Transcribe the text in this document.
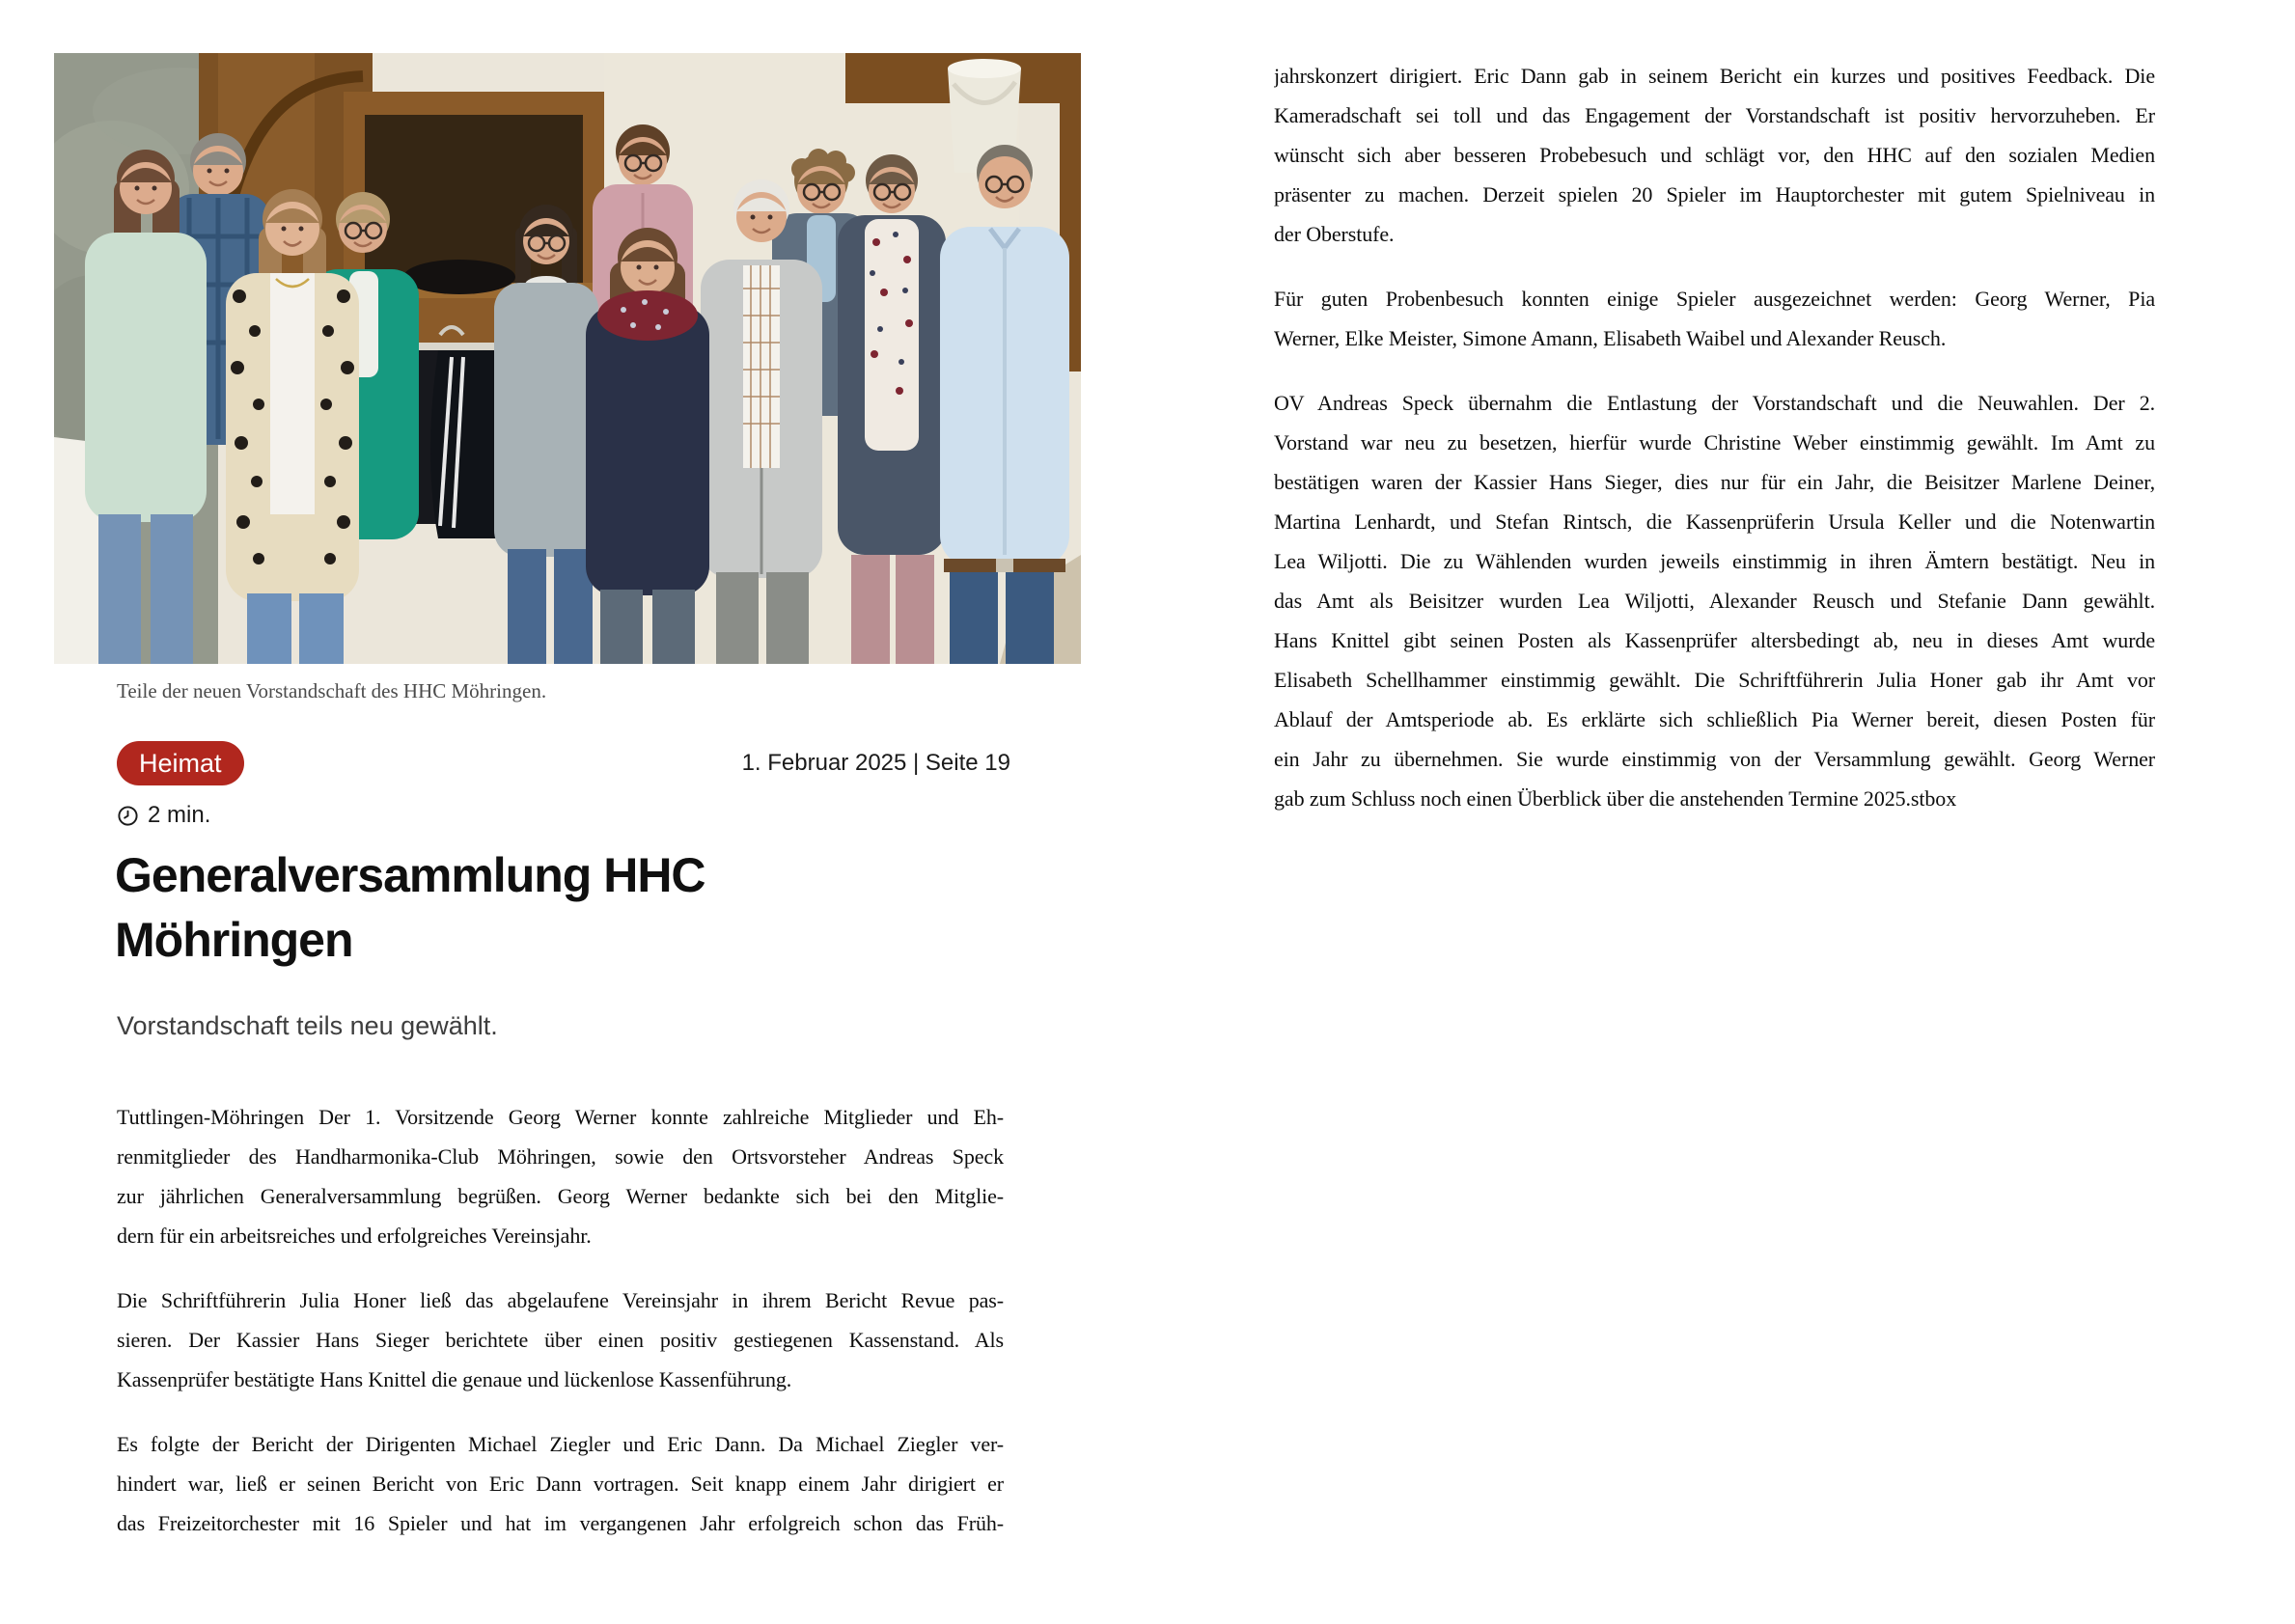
Teile der neuen Vorstandschaft des HHC Möhringen.
Heimat	1. Februar 2025 | Seite 19
2 min.
Generalversammlung HHC Möhringen
Vorstandschaft teils neu gewählt.
Tuttlingen-Möhringen Der 1. Vorsitzende Georg Werner konnte zahlreiche Mitglieder und Eh-
renmitglieder des Handharmonika-Club Möhringen, sowie den Ortsvorsteher Andreas Speck
zur jährlichen Generalversammlung begrüßen. Georg Werner bedankte sich bei den Mitglie-
dern für ein arbeitsreiches und erfolgreiches Vereinsjahr.
Die Schriftführerin Julia Honer ließ das abgelaufene Vereinsjahr in ihrem Bericht Revue pas-
sieren. Der Kassier Hans Sieger berichtete über einen positiv gestiegenen Kassenstand. Als
Kassenprüfer bestätigte Hans Knittel die genaue und lückenlose Kassenführung.
Es folgte der Bericht der Dirigenten Michael Ziegler und Eric Dann. Da Michael Ziegler ver-
hindert war, ließ er seinen Bericht von Eric Dann vortragen. Seit knapp einem Jahr dirigiert er
das Freizeitorchester mit 16 Spieler und hat im vergangenen Jahr erfolgreich schon das Früh-
jahrskonzert dirigiert. Eric Dann gab in seinem Bericht ein kurzes und positives Feedback. Die
Kameradschaft sei toll und das Engagement der Vorstandschaft ist positiv hervorzuheben. Er
wünscht sich aber besseren Probebesuch und schlägt vor, den HHC auf den sozialen Medien
präsenter zu machen. Derzeit spielen 20 Spieler im Hauptorchester mit gutem Spielniveau in
der Oberstufe.
Für guten Probenbesuch konnten einige Spieler ausgezeichnet werden: Georg Werner, Pia
Werner, Elke Meister, Simone Amann, Elisabeth Waibel und Alexander Reusch.
OV Andreas Speck übernahm die Entlastung der Vorstandschaft und die Neuwahlen. Der 2.
Vorstand war neu zu besetzen, hierfür wurde Christine Weber einstimmig gewählt. Im Amt zu
bestätigen waren der Kassier Hans Sieger, dies nur für ein Jahr, die Beisitzer Marlene Deiner,
Martina Lenhardt, und Stefan Rintsch, die Kassenprüferin Ursula Keller und die Notenwartin
Lea Wiljotti. Die zu Wählenden wurden jeweils einstimmig in ihren Ämtern bestätigt. Neu in
das Amt als Beisitzer wurden Lea Wiljotti, Alexander Reusch und Stefanie Dann gewählt.
Hans Knittel gibt seinen Posten als Kassenprüfer altersbedingt ab, neu in dieses Amt wurde
Elisabeth Schellhammer einstimmig gewählt. Die Schriftführerin Julia Honer gab ihr Amt vor
Ablauf der Amtsperiode ab. Es erklärte sich schließlich Pia Werner bereit, diesen Posten für
ein Jahr zu übernehmen. Sie wurde einstimmig von der Versammlung gewählt. Georg Werner
gab zum Schluss noch einen Überblick über die anstehenden Termine 2025.stbox
